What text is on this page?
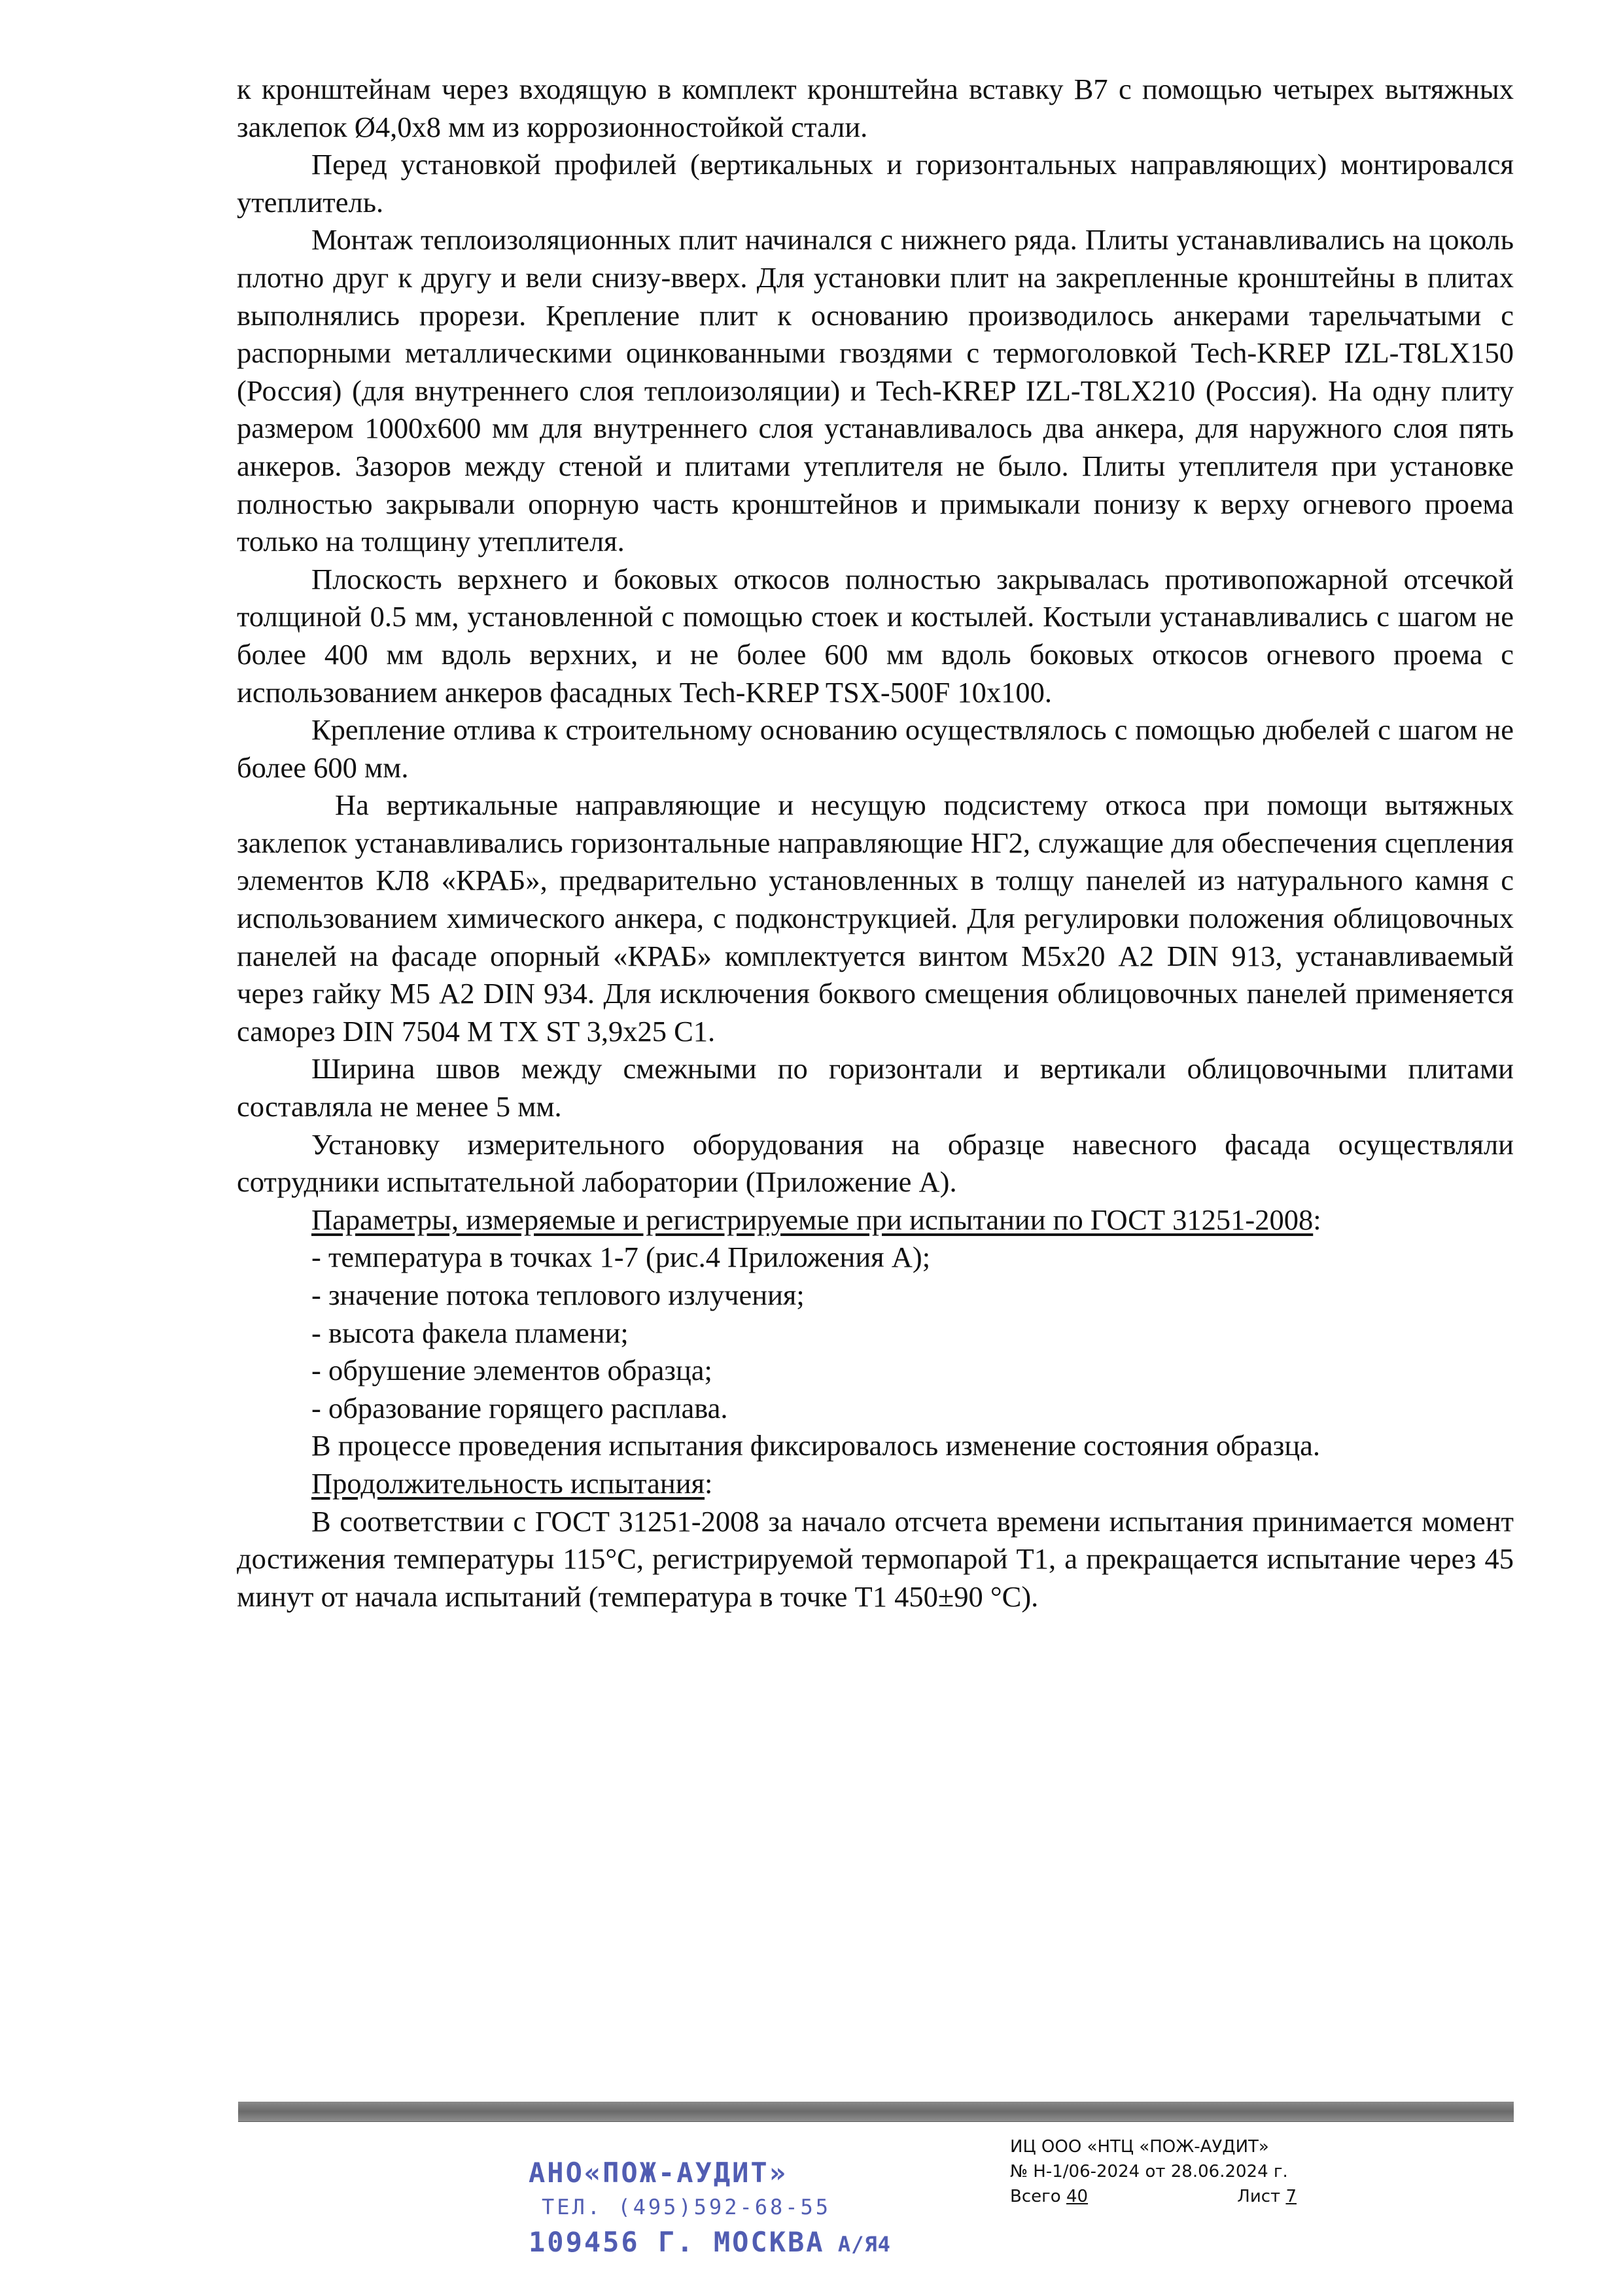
к кронштейнам через входящую в комплект кронштейна вставку В7 с помощью четырех вытяжных заклепок Ø4,0х8 мм из коррозионностойкой стали.

Перед установкой профилей (вертикальных и горизонтальных направляющих) монтировался утеплитель.

Монтаж теплоизоляционных плит начинался с нижнего ряда. Плиты устанавливались на цоколь плотно друг к другу и вели снизу-вверх. Для установки плит на закрепленные кронштейны в плитах выполнялись прорези. Крепление плит к основанию производилось анкерами тарельчатыми с распорными металлическими оцинкованными гвоздями с термоголовкой Tech-KREP IZL-T8LX150 (Россия) (для внутреннего слоя теплоизоляции) и Tech-KREP IZL-T8LX210 (Россия). На одну плиту размером 1000х600 мм для внутреннего слоя устанавливалось два анкера, для наружного слоя пять анкеров. Зазоров между стеной и плитами утеплителя не было. Плиты утеплителя при установке полностью закрывали опорную часть кронштейнов и примыкали понизу к верху огневого проема только на толщину утеплителя.

Плоскость верхнего и боковых откосов полностью закрывалась противопожарной отсечкой толщиной 0.5 мм, установленной с помощью стоек и костылей. Костыли устанавливались с шагом не более 400 мм вдоль верхних, и не более 600 мм вдоль боковых откосов огневого проема с использованием анкеров фасадных Tech-KREP TSX-500F 10x100.

Крепление отлива к строительному основанию осуществлялось с помощью дюбелей с шагом не более 600 мм.

На вертикальные направляющие и несущую подсистему откоса при помощи вытяжных заклепок устанавливались горизонтальные направляющие НГ2, служащие для обеспечения сцепления элементов КЛ8 «КРАБ», предварительно установленных в толщу панелей из натурального камня с использованием химического анкера, с подконструкцией. Для регулировки положения облицовочных панелей на фасаде опорный «КРАБ» комплектуется винтом М5х20 А2 DIN 913, устанавливаемый через гайку М5 А2 DIN 934. Для исключения боквого смещения облицовочных панелей применяется саморез DIN 7504 M TX ST 3,9х25 С1.

Ширина швов между смежными по горизонтали и вертикали облицовочными плитами составляла не менее 5 мм.

Установку измерительного оборудования на образце навесного фасада осуществляли сотрудники испытательной лаборатории (Приложение А).

Параметры, измеряемые и регистрируемые при испытании по ГОСТ 31251-2008:

- температура в точках 1-7 (рис.4 Приложения А);

- значение потока теплового излучения;

- высота факела пламени;

- обрушение элементов образца;

- образование горящего расплава.

В процессе проведения испытания фиксировалось изменение состояния образца.

Продолжительность испытания:

В соответствии с ГОСТ 31251-2008 за начало отсчета времени испытания принимается момент достижения температуры 115°С, регистрируемой термопарой Т1, а прекращается испытание через 45 минут от начала испытаний (температура в точке Т1 450±90 °С).

АНО«ПОЖ-АУДИТ»
ТЕЛ. (495)592-68-55
109456 Г. МОСКВА А/Я4
ИЦ ООО «НТЦ «ПОЖ-АУДИТ»
№ Н-1/06-2024 от 28.06.2024 г.
Всего 40	Лист 7
